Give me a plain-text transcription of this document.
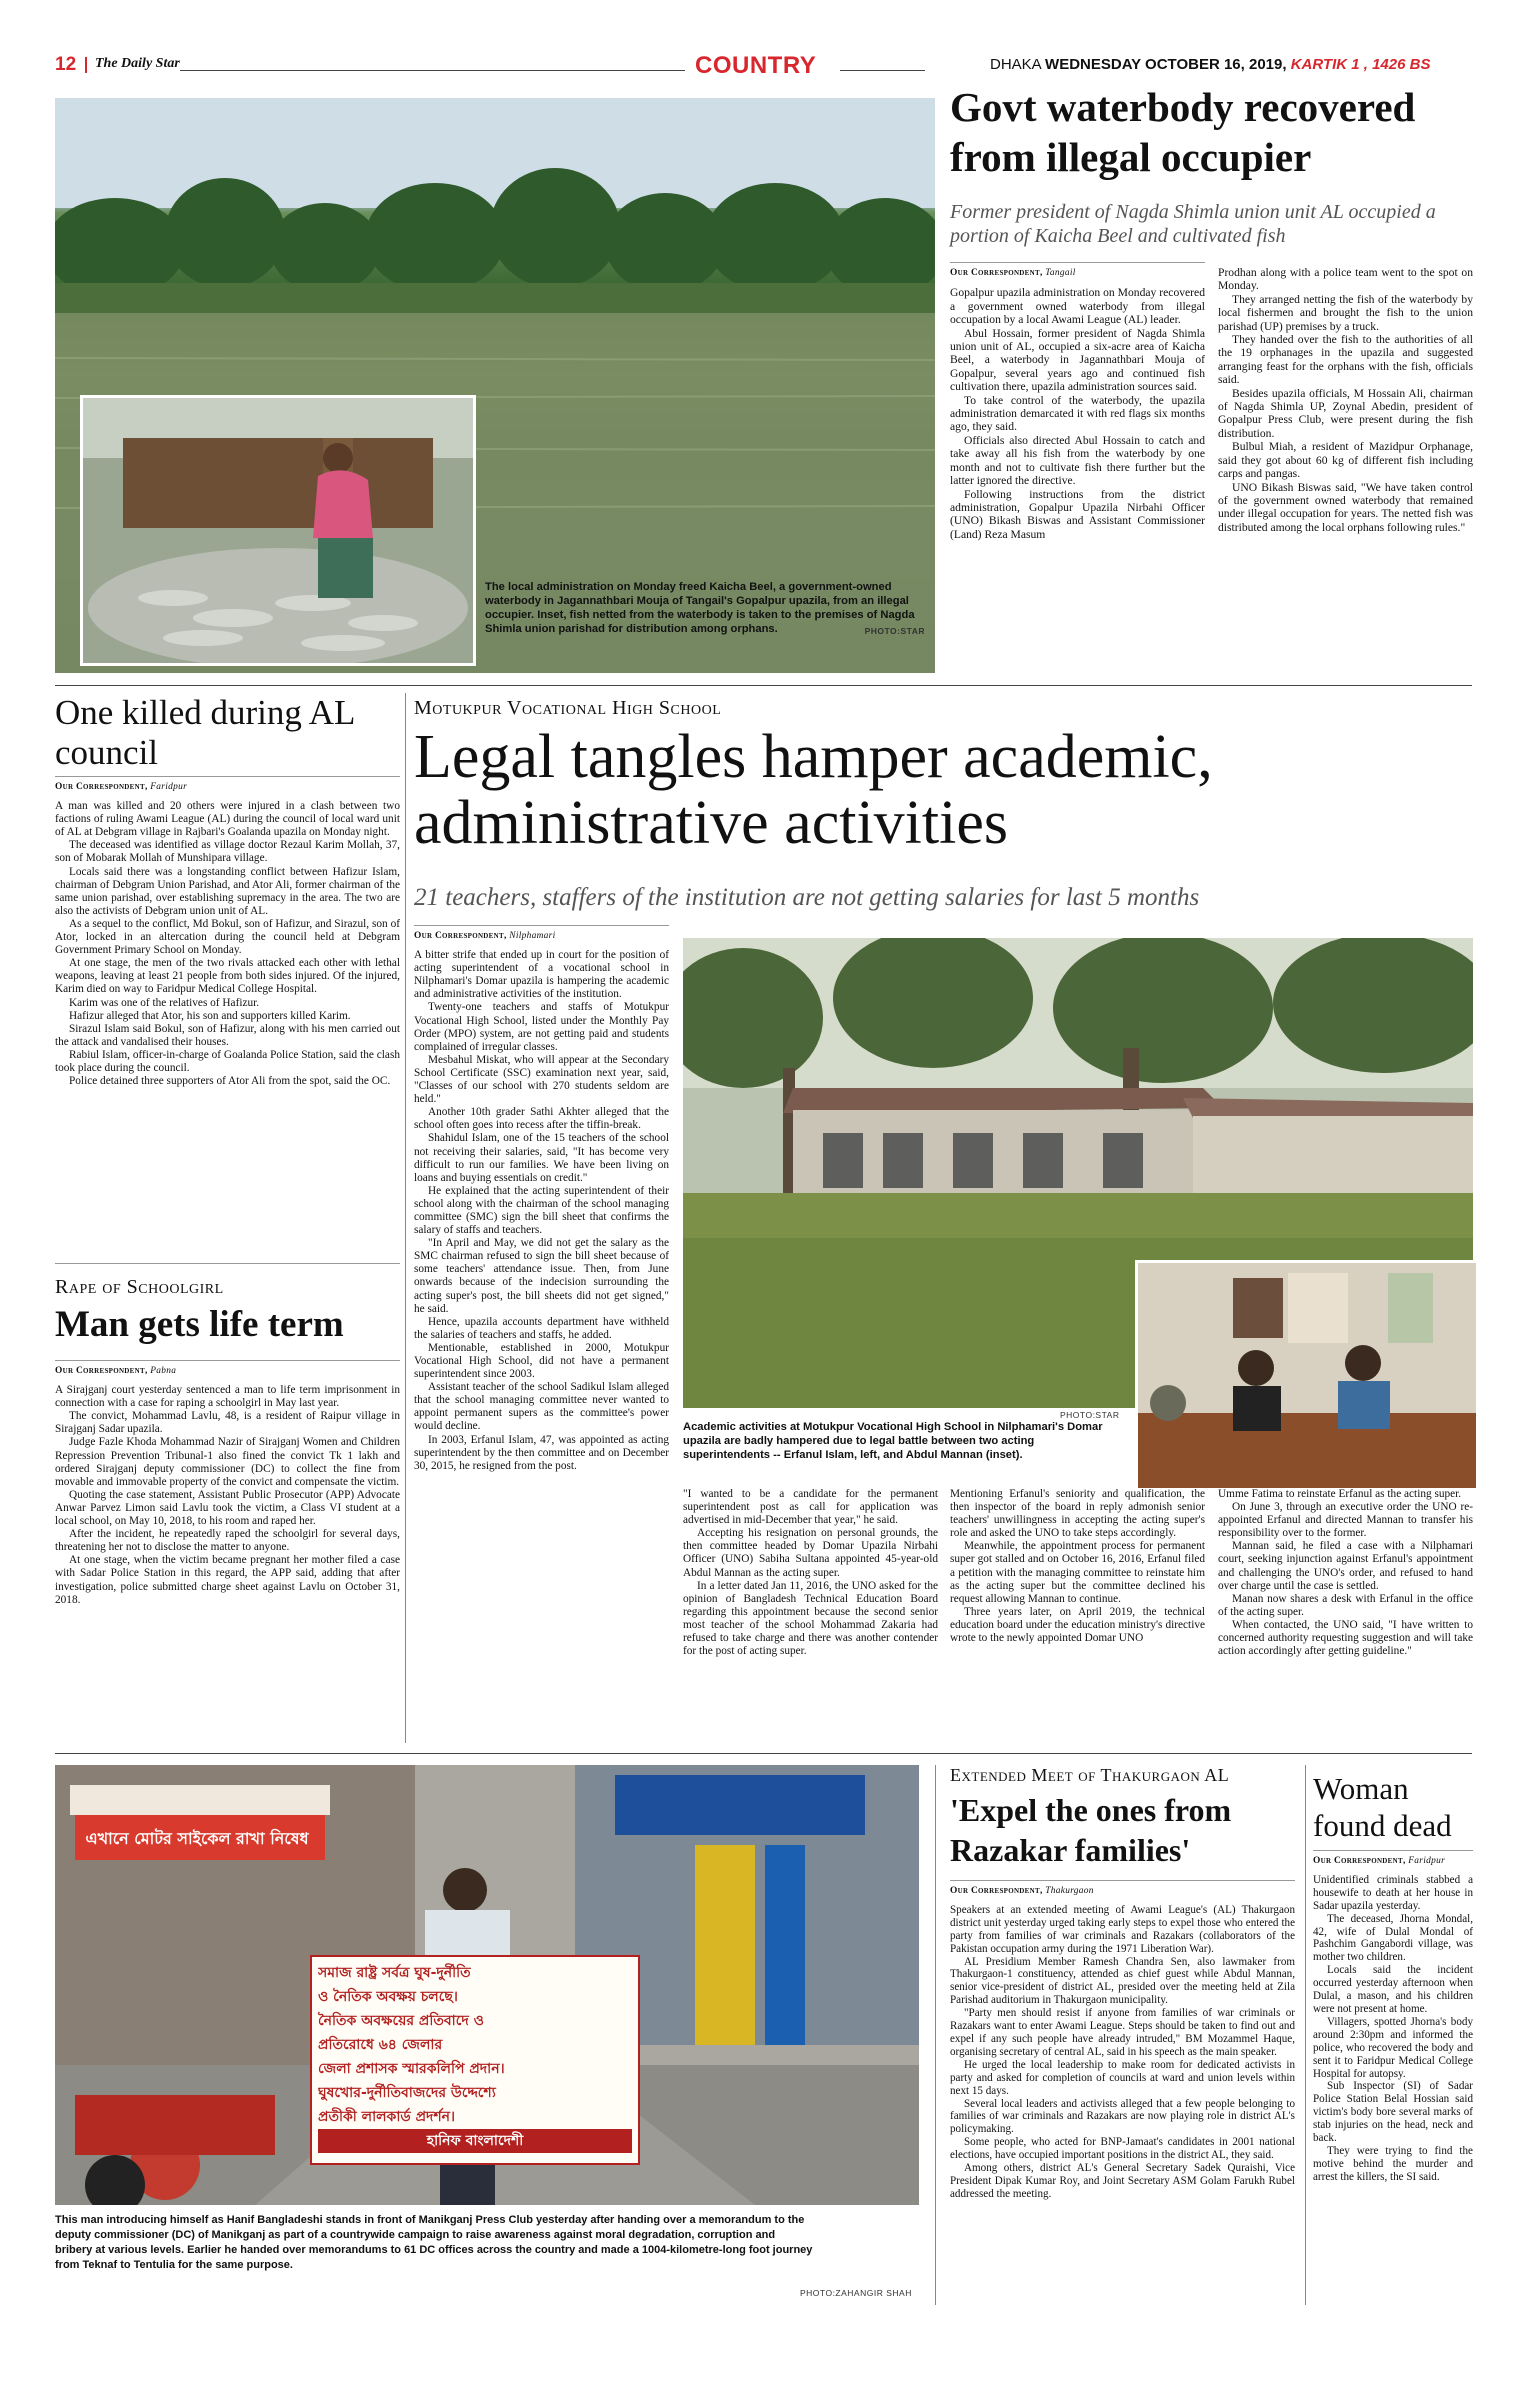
12 The Daily Star	COUNTRY	DHAKA WEDNESDAY OCTOBER 16, 2019, KARTIK 1 , 1426 BS
The local administration on Monday freed Kaicha Beel, a government-owned waterbody in Jagannathbari Mouja of Tangail's Gopalpur upazila, from an illegal occupier. Inset, fish netted from the waterbody is taken to the premises of Nagda Shimla union parishad for distribution among orphans.	PHOTO:STAR
Govt waterbody recovered from illegal occupier
Former president of Nagda Shimla union unit AL occupied a portion of Kaicha Beel and cultivated fish
Our Correspondent, Tangail

Gopalpur upazila administration on Monday recovered a government owned waterbody from illegal occupation by a local Awami League (AL) leader.

Abul Hossain, former president of Nagda Shimla union unit of AL, occupied a six-acre area of Kaicha Beel, a waterbody in Jagannathbari Mouja of Gopalpur, several years ago and continued fish cultivation there, upazila administration sources said.

To take control of the waterbody, the upazila administration demarcated it with red flags six months ago, they said.

Officials also directed Abul Hossain to catch and take away all his fish from the waterbody by one month and not to cultivate fish there further but the latter ignored the directive.

Following instructions from the district administration, Gopalpur Upazila Nirbahi Officer (UNO) Bikash Biswas and Assistant Commissioner (Land) Reza Masum

Prodhan along with a police team went to the spot on Monday.

They arranged netting the fish of the waterbody by local fishermen and brought the fish to the union parishad (UP) premises by a truck.

They handed over the fish to the authorities of all the 19 orphanages in the upazila and suggested arranging feast for the orphans with the fish, officials said.

Besides upazila officials, M Hossain Ali, chairman of Nagda Shimla UP, Zoynal Abedin, president of Gopalpur Press Club, were present during the fish distribution.

Bulbul Miah, a resident of Mazidpur Orphanage, said they got about 60 kg of different fish including carps and pangas.

UNO Bikash Biswas said, "We have taken control of the government owned waterbody that remained under illegal occupation for years. The netted fish was distributed among the local orphans following rules."

One killed during AL council
Our Correspondent, Faridpur

A man was killed and 20 others were injured in a clash between two factions of ruling Awami League (AL) during the council of local ward unit of AL at Debgram village in Rajbari's Goalanda upazila on Monday night.

The deceased was identified as village doctor Rezaul Karim Mollah, 37, son of Mobarak Mollah of Munshipara village.

Locals said there was a longstanding conflict between Hafizur Islam, chairman of Debgram Union Parishad, and Ator Ali, former chairman of the same union parishad, over establishing supremacy in the area. The two are also the activists of Debgram union unit of AL.

As a sequel to the conflict, Md Bokul, son of Hafizur, and Sirazul, son of Ator, locked in an altercation during the council held at Debgram Government Primary School on Monday.

At one stage, the men of the two rivals attacked each other with lethal weapons, leaving at least 21 people from both sides injured. Of the injured, Karim died on way to Faridpur Medical College Hospital.

Karim was one of the relatives of Hafizur.

Hafizur alleged that Ator, his son and supporters killed Karim.

Sirazul Islam said Bokul, son of Hafizur, along with his men carried out the attack and vandalised their houses.

Rabiul Islam, officer-in-charge of Goalanda Police Station, said the clash took place during the council.

Police detained three supporters of Ator Ali from the spot, said the OC.

Rape of Schoolgirl
Man gets life term
Our Correspondent, Pabna

A Sirajganj court yesterday sentenced a man to life term imprisonment in connection with a case for raping a schoolgirl in May last year.

The convict, Mohammad Lavlu, 48, is a resident of Raipur village in Sirajganj Sadar upazila.

Judge Fazle Khoda Mohammad Nazir of Sirajganj Women and Children Repression Prevention Tribunal-1 also fined the convict Tk 1 lakh and ordered Sirajganj deputy commissioner (DC) to collect the fine from movable and immovable property of the convict and compensate the victim.

Quoting the case statement, Assistant Public Prosecutor (APP) Advocate Anwar Parvez Limon said Lavlu took the victim, a Class VI student at a local school, on May 10, 2018, to his room and raped her.

After the incident, he repeatedly raped the schoolgirl for several days, threatening her not to disclose the matter to anyone.

At one stage, when the victim became pregnant her mother filed a case with Sadar Police Station in this regard, the APP said, adding that after investigation, police submitted charge sheet against Lavlu on October 31, 2018.

Motukpur Vocational High School
Legal tangles hamper academic, administrative activities
21 teachers, staffers of the institution are not getting salaries for last 5 months
Our Correspondent, Nilphamari

A bitter strife that ended up in court for the position of acting superintendent of a vocational school in Nilphamari's Domar upazila is hampering the academic and administrative activities of the institution.

Twenty-one teachers and staffs of Motukpur Vocational High School, listed under the Monthly Pay Order (MPO) system, are not getting paid and students complained of irregular classes.

Mesbahul Miskat, who will appear at the Secondary School Certificate (SSC) examination next year, said, "Classes of our school with 270 students seldom are held."

Another 10th grader Sathi Akhter alleged that the school often goes into recess after the tiffin-break.

Shahidul Islam, one of the 15 teachers of the school not receiving their salaries, said, "It has become very difficult to run our families. We have been living on loans and buying essentials on credit."

He explained that the acting superintendent of their school along with the chairman of the school managing committee (SMC) sign the bill sheet that confirms the salary of staffs and teachers.

"In April and May, we did not get the salary as the SMC chairman refused to sign the bill sheet because of some teachers' attendance issue. Then, from June onwards because of the indecision surrounding the acting super's post, the bill sheets did not get signed," he said.

Hence, upazila accounts department have withheld the salaries of teachers and staffs, he added.

Mentionable, established in 2000, Motukpur Vocational High School, did not have a permanent superintendent since 2003.

Assistant teacher of the school Sadikul Islam alleged that the school managing committee never wanted to appoint permanent supers as the committee's power would decline.

In 2003, Erfanul Islam, 47, was appointed as acting superintendent by the then committee and on December 30, 2015, he resigned from the post.

PHOTO:STAR
Academic activities at Motukpur Vocational High School in Nilphamari's Domar upazila are badly hampered due to legal battle between two acting superintendents -- Erfanul Islam, left, and Abdul Mannan (inset).

"I wanted to be a candidate for the permanent superintendent post as call for application was advertised in mid-December that year," he said.

Accepting his resignation on personal grounds, the then committee headed by Domar Upazila Nirbahi Officer (UNO) Sabiha Sultana appointed 45-year-old Abdul Mannan as the acting super.

In a letter dated Jan 11, 2016, the UNO asked for the opinion of Bangladesh Technical Education Board regarding this appointment because the second senior most teacher of the school Mohammad Zakaria had refused to take charge and there was another contender for the post of acting super.

Mentioning Erfanul's seniority and qualification, the then inspector of the board in reply admonish senior teachers' unwillingness in accepting the acting super's role and asked the UNO to take steps accordingly.

Meanwhile, the appointment process for permanent super got stalled and on October 16, 2016, Erfanul filed a petition with the managing committee to reinstate him as the acting super but the committee declined his request allowing Mannan to continue.

Three years later, on April 2019, the technical education board under the education ministry's directive wrote to the newly appointed Domar UNO

Umme Fatima to reinstate Erfanul as the acting super.

On June 3, through an executive order the UNO re-appointed Erfanul and directed Mannan to transfer his responsibility over to the former.

Mannan said, he filed a case with a Nilphamari court, seeking injunction against Erfanul's appointment and challenging the UNO's order, and refused to hand over charge until the case is settled.

Manan now shares a desk with Erfanul in the office of the acting super.

When contacted, the UNO said, "I have written to concerned authority requesting suggestion and will take action accordingly after getting guideline."

এখানে মোটর সাইকেল রাখা নিষেধ
সমাজ রাষ্ট্র সর্বত্র ঘুষ-দুর্নীতি
ও নৈতিক অবক্ষয় চলছে।
নৈতিক অবক্ষয়ের প্রতিবাদে ও
প্রতিরোধে ৬৪ জেলার
জেলা প্রশাসক স্মারকলিপি প্রদান।
ঘুষখোর-দুর্নীতিবাজদের উদ্দেশ্যে
প্রতীকী লালকার্ড প্রদর্শন।
হানিফ বাংলাদেশী
This man introducing himself as Hanif Bangladeshi stands in front of Manikganj Press Club yesterday after handing over a memorandum to the deputy commissioner (DC) of Manikganj as part of a countrywide campaign to raise awareness against moral degradation, corruption and bribery at various levels. Earlier he handed over memorandums to 61 DC offices across the country and made a 1004-kilometre-long foot journey from Teknaf to Tentulia for the same purpose.
PHOTO:ZAHANGIR SHAH
Extended Meet of Thakurgaon AL
'Expel the ones from Razakar families'
Our Correspondent, Thakurgaon

Speakers at an extended meeting of Awami League's (AL) Thakurgaon district unit yesterday urged taking early steps to expel those who entered the party from families of war criminals and Razakars (collaborators of the Pakistan occupation army during the 1971 Liberation War).

AL Presidium Member Ramesh Chandra Sen, also lawmaker from Thakurgaon-1 constituency, attended as chief guest while Abdul Mannan, senior vice-president of district AL, presided over the meeting held at Zila Parishad auditorium in Thakurgaon municipality.

"Party men should resist if anyone from families of war criminals or Razakars want to enter Awami League. Steps should be taken to find out and expel if any such people have already intruded," BM Mozammel Haque, organising secretary of central AL, said in his speech as the main speaker.

He urged the local leadership to make room for dedicated activists in party and asked for completion of councils at ward and union levels within next 15 days.

Several local leaders and activists alleged that a few people belonging to families of war criminals and Razakars are now playing role in district AL's policymaking.

Some people, who acted for BNP-Jamaat's candidates in 2001 national elections, have occupied important positions in the district AL, they said.

Among others, district AL's General Secretary Sadek Quraishi, Vice President Dipak Kumar Roy, and Joint Secretary ASM Golam Farukh Rubel addressed the meeting.

Woman found dead
Our Correspondent, Faridpur

Unidentified criminals stabbed a housewife to death at her house in Sadar upazila yesterday.

The deceased, Jhorna Mondal, 42, wife of Dulal Mondal of Pashchim Gangabordi village, was mother two children.

Locals said the incident occurred yesterday afternoon when Dulal, a mason, and his children were not present at home.

Villagers, spotted Jhorna's body around 2:30pm and informed the police, who recovered the body and sent it to Faridpur Medical College Hospital for autopsy.

Sub Inspector (SI) of Sadar Police Station Belal Hossian said victim's body bore several marks of stab injuries on the head, neck and back.

They were trying to find the motive behind the murder and arrest the killers, the SI said.
